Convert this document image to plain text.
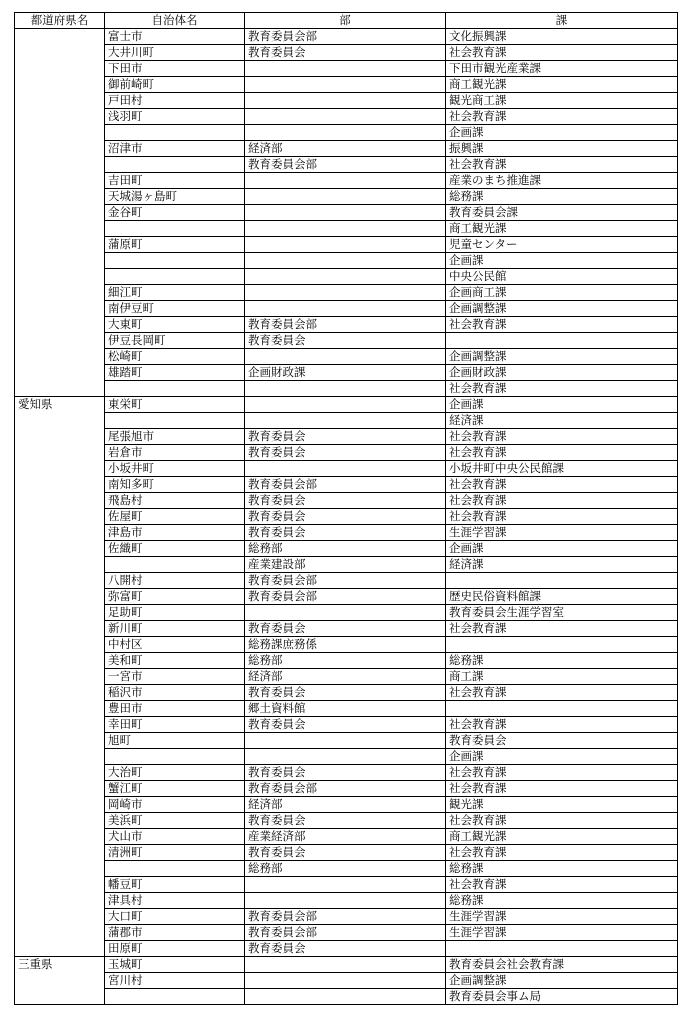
都道府県名	自治体名	部	課
	富士市	教育委員会部	文化振興課
	大井川町	教育委員会	社会教育課
	下田市		下田市観光産業課
	御前崎町		商工観光課
	戸田村		観光商工課
	浅羽町		社会教育課
			企画課
	沼津市	経済部	振興課
		教育委員会部	社会教育課
	吉田町		産業のまち推進課
	天城湯ヶ島町		総務課
	金谷町		教育委員会課
			商工観光課
	蒲原町		児童センター
			企画課
			中央公民館
	細江町		企画商工課
	南伊豆町		企画調整課
	大東町	教育委員会部	社会教育課
	伊豆長岡町	教育委員会	
	松崎町		企画調整課
	雄踏町	企画財政課	企画財政課
			社会教育課
愛知県	東栄町		企画課
			経済課
	尾張旭市	教育委員会	社会教育課
	岩倉市	教育委員会	社会教育課
	小坂井町		小坂井町中央公民館課
	南知多町	教育委員会部	社会教育課
	飛島村	教育委員会	社会教育課
	佐屋町	教育委員会	社会教育課
	津島市	教育委員会	生涯学習課
	佐織町	総務部	企画課
		産業建設部	経済課
	八開村	教育委員会部	
	弥富町	教育委員会部	歴史民俗資料館課
	足助町		教育委員会生涯学習室
	新川町	教育委員会	社会教育課
	中村区	総務課庶務係	
	美和町	総務部	総務課
	一宮市	経済部	商工課
	稲沢市	教育委員会	社会教育課
	豊田市	郷土資料館	
	幸田町	教育委員会	社会教育課
	旭町		教育委員会
			企画課
	大治町	教育委員会	社会教育課
	蟹江町	教育委員会部	社会教育課
	岡崎市	経済部	観光課
	美浜町	教育委員会	社会教育課
	犬山市	産業経済部	商工観光課
	清洲町	教育委員会	社会教育課
		総務部	総務課
	幡豆町		社会教育課
	津具村		総務課
	大口町	教育委員会部	生涯学習課
	蒲郡市	教育委員会部	生涯学習課
	田原町	教育委員会	
三重県	玉城町		教育委員会社会教育課
	宮川村		企画調整課
			教育委員会事ム局
